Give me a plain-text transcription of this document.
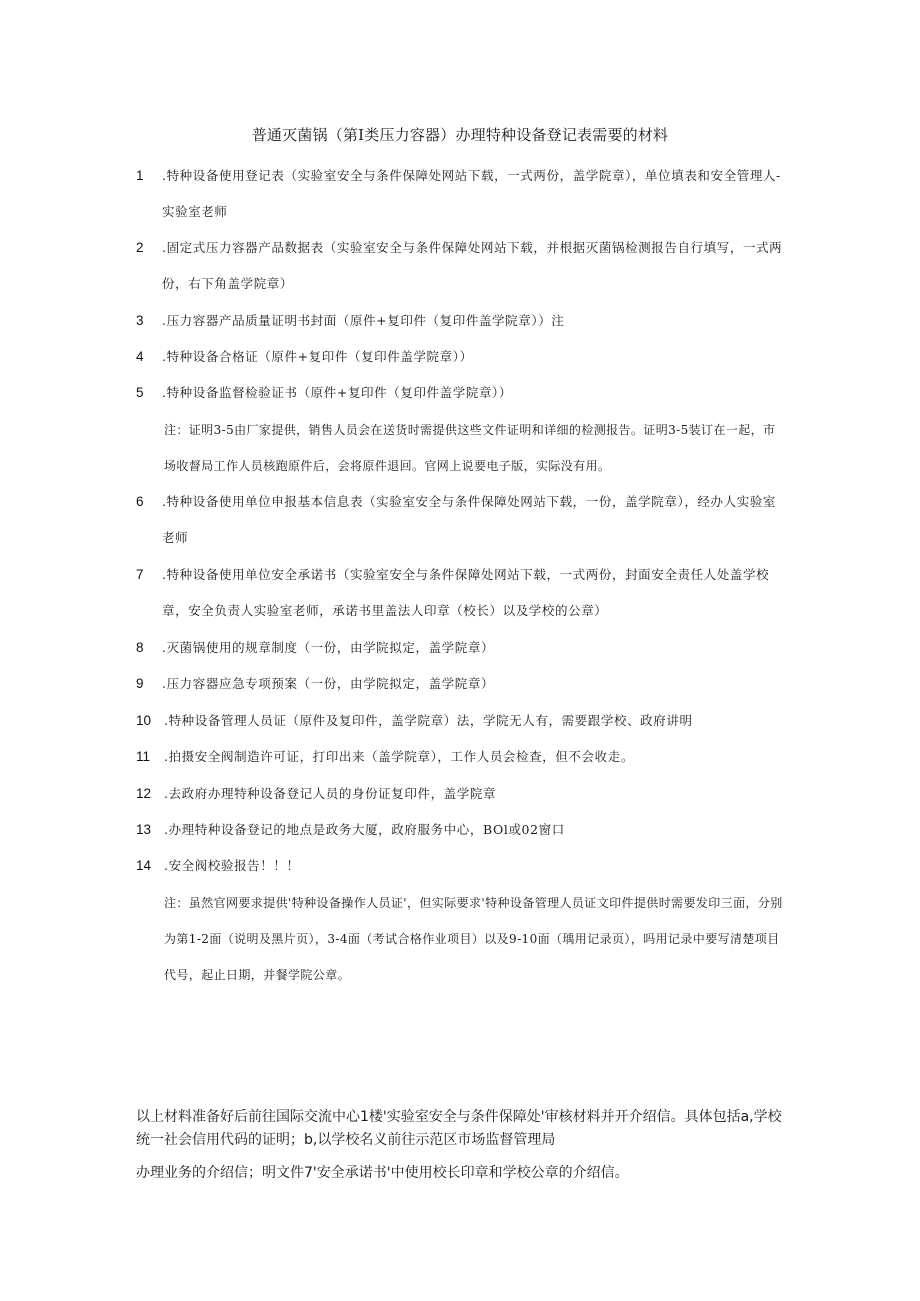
普通灭菌锅（第I类压力容器）办理特种设备登记表需要的材料
1 .特种设备使用登记表（实验室安全与条件保障处网站下载，一式两份，盖学院章），单位填表和安全管理人-实验室老师
2 .固定式压力容器产品数据表（实验室安全与条件保障处网站下载，并根据灭菌锅检测报告自行填写，一式两份，右下角盖学院章）
3 .压力容器产品质量证明书封面（原件+复印件（复印件盖学院章））注
4 .特种设备合格证（原件+复印件（复印件盖学院章））
5 .特种设备监督检验证书（原件+复印件（复印件盖学院章））
注：证明3-5由厂家提供，销售人员会在送货时需提供这些文件证明和详细的检测报告。证明3-5装订在一起，市场收督局工作人员核跑原件后，会将原件退回。官网上说要电子版，实际没有用。
6 .特种设备使用单位申报基本信息表（实验室安全与条件保障处网站下载，一份，盖学院章），经办人实验室老师
7 .特种设备使用单位安全承诺书（实验室安全与条件保障处网站下载，一式两份，封面安全责任人处盖学校章，安全负责人实验室老师，承诺书里盖法人印章（校长）以及学校的公章）
8 .灭菌锅使用的规章制度（一份，由学院拟定，盖学院章）
9 .压力容器应急专项预案（一份，由学院拟定，盖学院章）
10 .特种设备管理人员证（原件及复印件，盖学院章）法，学院无人有，需要跟学校、政府讲明
11 .拍摄安全阀制造许可证，打印出来（盖学院章），工作人员会检查，但不会收走。
12 .去政府办理特种设备登记人员的身份证复印件，盖学院章
13 .办理特种设备登记的地点是政务大厦，政府服务中心，BOl或02窗口
14 .安全阀校验报告！！！
注：虽然官网要求提供'特种设备操作人员证'，但实际要求'特种设备管理人员证文印件提供时需要发印三面，分别为第1-2面（说明及黑片页），3-4面（考试合格作业项目）以及9-10面（瑀用记录页），吗用记录中要写清楚项目代号，起止日期，并餐学院公章。
以上材料准备好后前往国际交流中心1楼'实验室安全与条件保障处'审核材料并开介绍信。具体包括a,学校统一社会信用代码的证明；b,以学校名义前往示范区市场监督管理局
办理业务的介绍信；明文件7'安全承诺书'中使用校长印章和学校公章的介绍信。
